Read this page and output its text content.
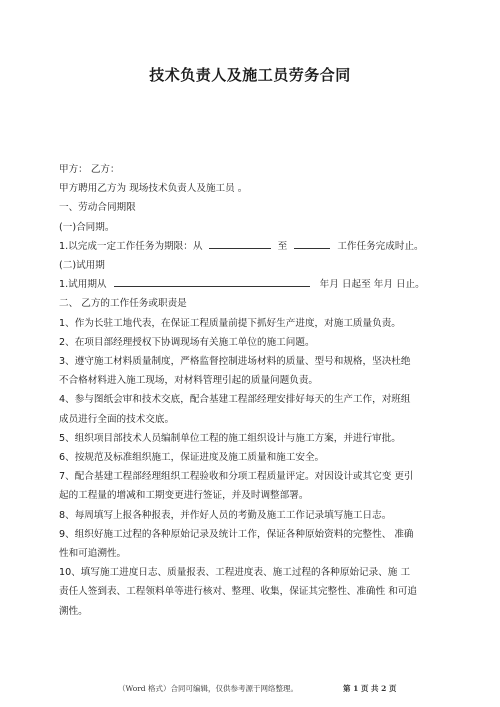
技术负责人及施工员劳务合同
甲方： 乙方：
甲方聘用乙方为 现场技术负责人及施工员 。
一、劳动合同期限
(一)合同期。
1.以完成一定工作任务为期限：从	至	工作任务完成时止。
(二)试用期
1.试用期从	年月 日起至 年月 日止。
二、 乙方的工作任务或职责是
1、作为长驻工地代表，在保证工程质量前提下抓好生产进度，对施工质量负责。
2、在项目部经理授权下协调现场有关施工单位的施工问题。
3、遵守施工材料质量制度，严格监督控制进场材料的质量、型号和规格，坚决杜绝
不合格材料进入施工现场，对材料管理引起的质量问题负责。
4、参与图纸会审和技术交底，配合基建工程部经理安排好每天的生产工作，对班组
成员进行全面的技术交底。
5、组织项目部技术人员编制单位工程的施工组织设计与施工方案，并进行审批。
6、按规范及标准组织施工，保证进度及施工质量和施工安全。
7、配合基建工程部经理组织工程验收和分项工程质量评定。对因设计或其它变 更引
起的工程量的增减和工期变更进行签证，并及时调整部署。
8、每周填写上报各种报表，并作好人员的考勤及施工工作记录填写施工日志。
9、组织好施工过程的各种原始记录及统计工作，保证各种原始资料的完整性、 准确
性和可追溯性。
10、填写施工进度日志、质量报表、工程进度表、施工过程的各种原始记录、施 工
责任人签到表、工程领料单等进行核对、整理、收集，保证其完整性、准确性 和可追
溯性。
（Word 格式）合同可编辑，仅供参考源于网络整理。	第 1 页 共 2 页
